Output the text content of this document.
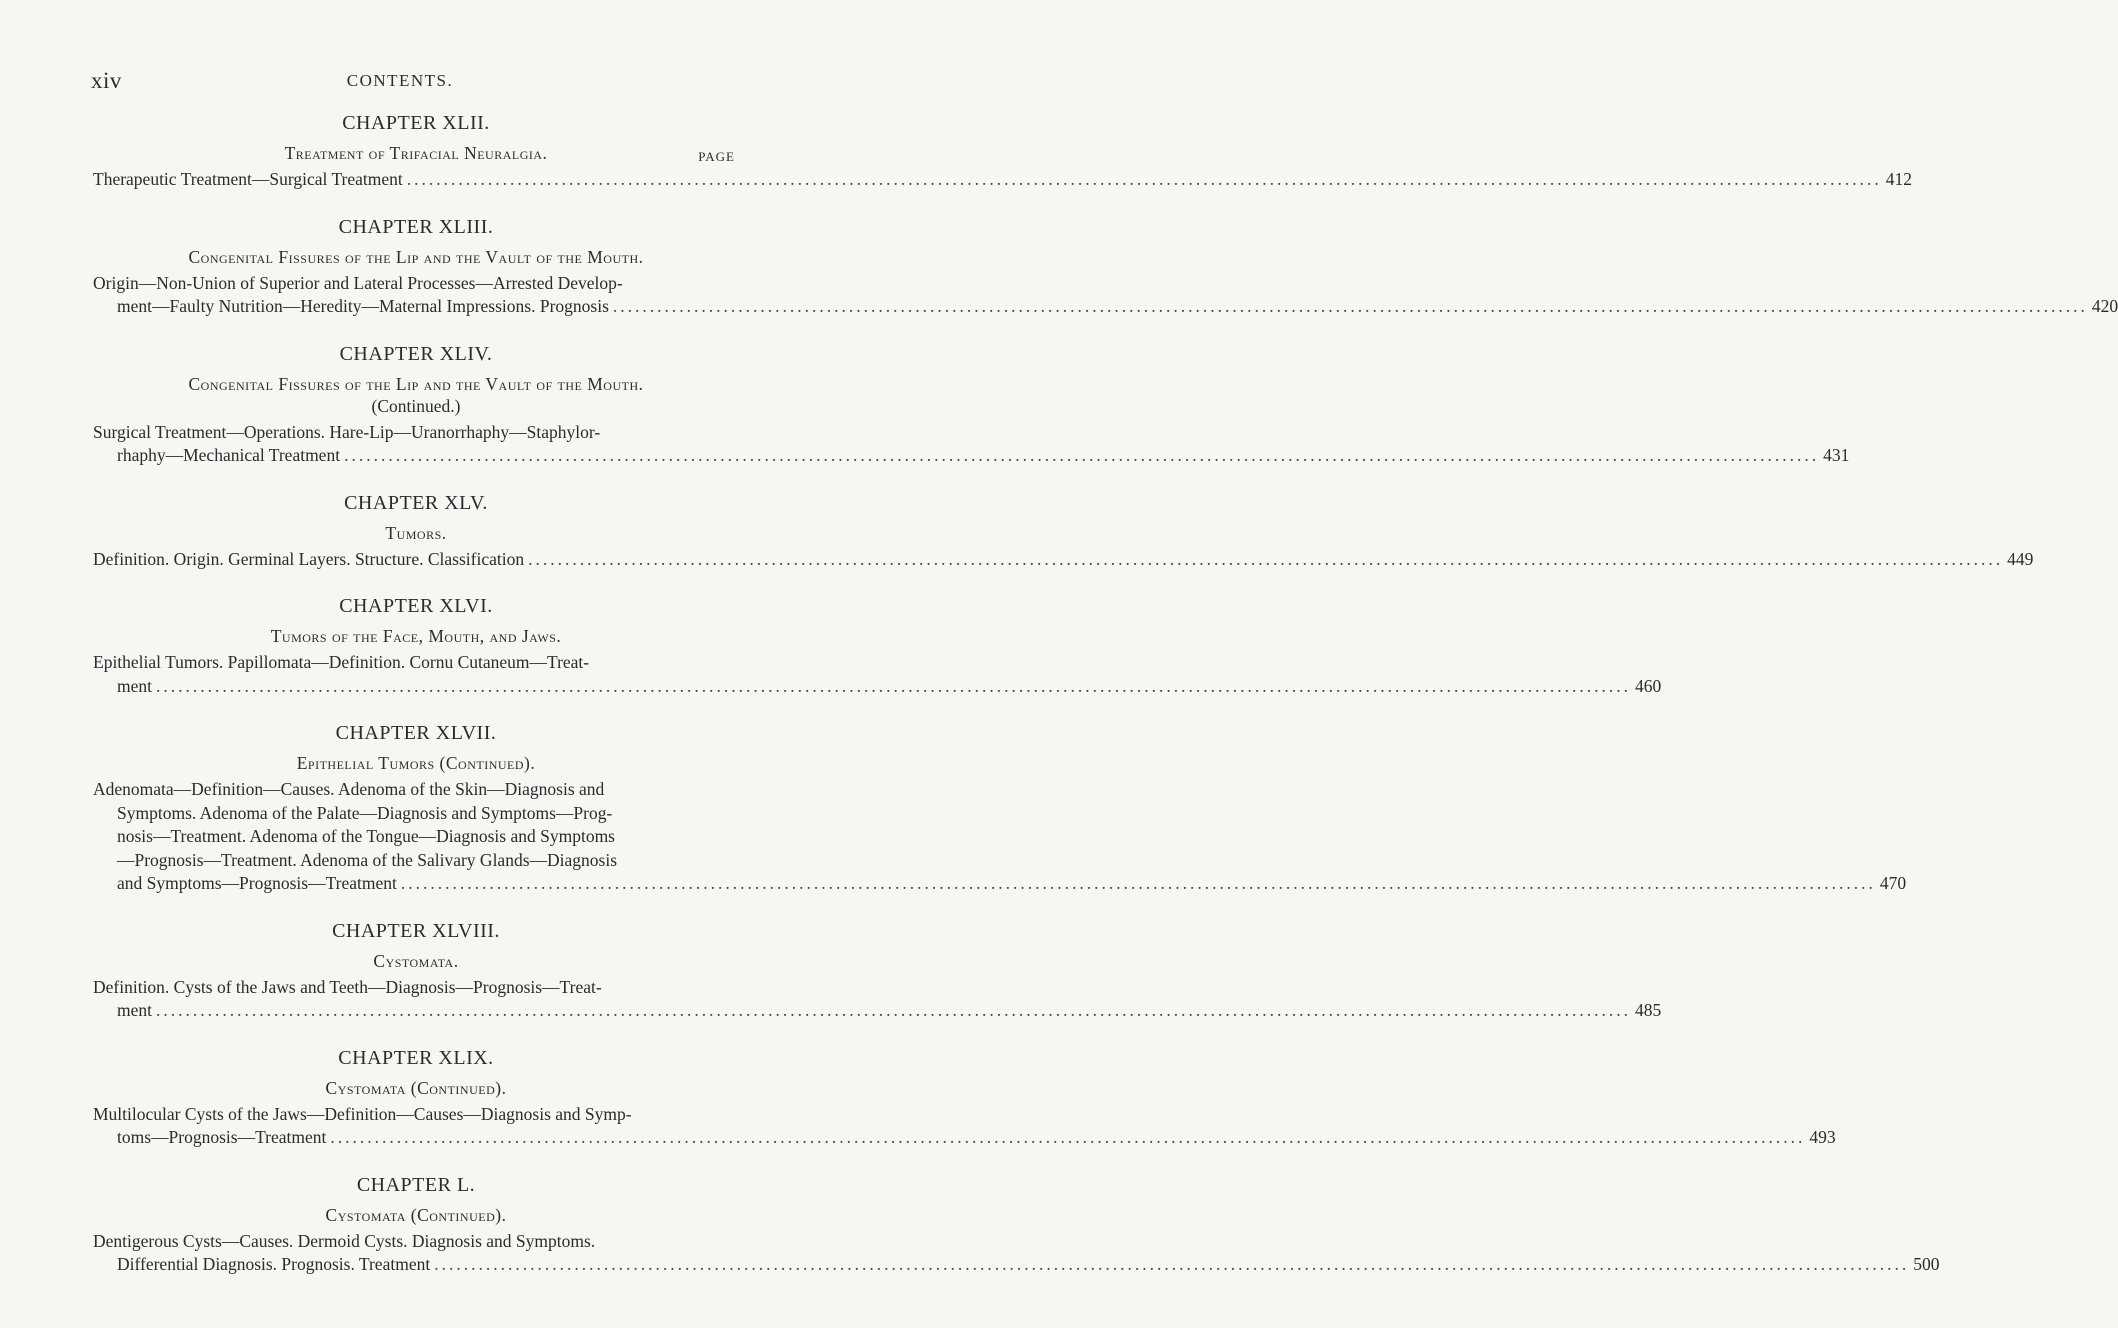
xiv	CONTENTS.
CHAPTER XLII.
Treatment of Trifacial Neuralgia.	PAGE
Therapeutic Treatment—Surgical Treatment ........................................................................................................................................................................................................ 412
CHAPTER XLIII.
Congenital Fissures of the Lip and the Vault of the Mouth.
Origin—Non-Union of Superior and Lateral Processes—Arrested Develop-
ment—Faulty Nutrition—Heredity—Maternal Impressions. Prognosis ........................................................................................................................................................................................................ 420
CHAPTER XLIV.
Congenital Fissures of the Lip and the Vault of the Mouth.
(Continued.)
Surgical Treatment—Operations. Hare-Lip—Uranorrhaphy—Staphylor-
rhaphy—Mechanical Treatment ........................................................................................................................................................................................................ 431
CHAPTER XLV.
Tumors.
Definition. Origin. Germinal Layers. Structure. Classification ........................................................................................................................................................................................................ 449
CHAPTER XLVI.
Tumors of the Face, Mouth, and Jaws.
Epithelial Tumors. Papillomata—Definition. Cornu Cutaneum—Treat-
ment ........................................................................................................................................................................................................ 460
CHAPTER XLVII.
Epithelial Tumors (Continued).
Adenomata—Definition—Causes. Adenoma of the Skin—Diagnosis and
Symptoms. Adenoma of the Palate—Diagnosis and Symptoms—Prog-
nosis—Treatment. Adenoma of the Tongue—Diagnosis and Symptoms
—Prognosis—Treatment. Adenoma of the Salivary Glands—Diagnosis
and Symptoms—Prognosis—Treatment ........................................................................................................................................................................................................ 470
CHAPTER XLVIII.
Cystomata.
Definition. Cysts of the Jaws and Teeth—Diagnosis—Prognosis—Treat-
ment ........................................................................................................................................................................................................ 485
CHAPTER XLIX.
Cystomata (Continued).
Multilocular Cysts of the Jaws—Definition—Causes—Diagnosis and Symp-
toms—Prognosis—Treatment ........................................................................................................................................................................................................ 493
CHAPTER L.
Cystomata (Continued).
Dentigerous Cysts—Causes. Dermoid Cysts. Diagnosis and Symptoms.
Differential Diagnosis. Prognosis. Treatment ........................................................................................................................................................................................................ 500
